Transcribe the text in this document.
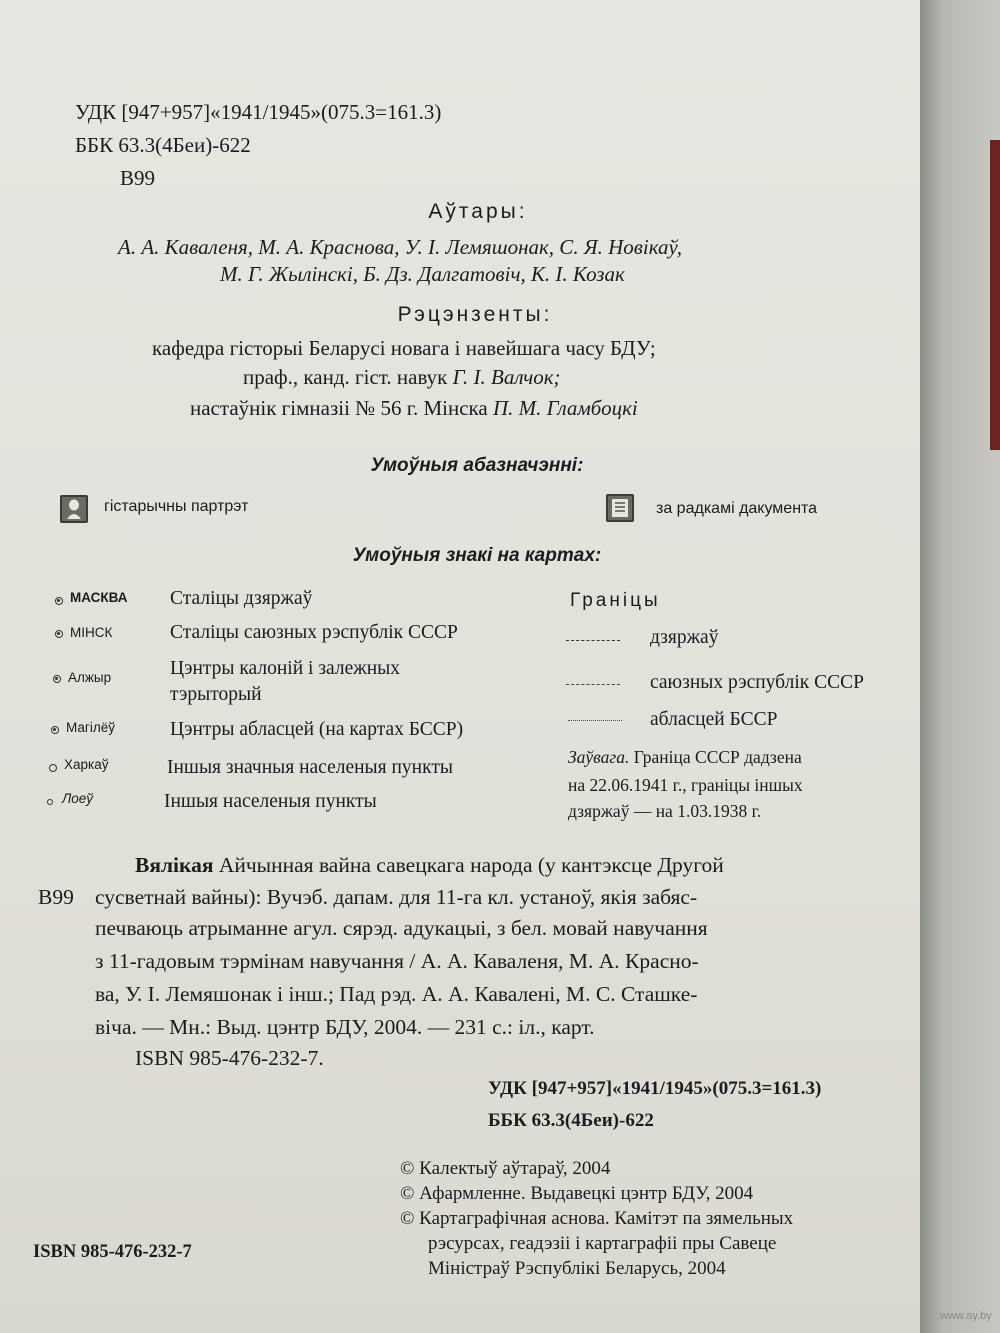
УДК [947+957]«1941/1945»(075.3=161.3)
ББК 63.3(4Беи)-622
В99
Аўтары:
А. А. Каваленя, М. А. Краснова, У. І. Лемяшонак, С. Я. Новікаў,
М. Г. Жылінскі, Б. Дз. Далгатовіч, К. І. Козак
Рэцэнзенты:
кафедра гісторыі Беларусі новага і навейшага часу БДУ;
праф., канд. гіст. навук Г. І. Валчок;
настаўнік гімназіі № 56 г. Мінска П. М. Гламбоцкі
Умоўныя абазначэнні:
гістарычны партрэт	за радкамі дакумента
Умоўныя знакі на картах:
МАСКВА Сталіцы дзяржаў
МІНСК	Сталіцы саюзных рэспублік СССР
Алжыр	Цэнтры калоній і залежных
тэрыторый
Магілёў	Цэнтры абласцей (на картах БССР)
Харкаў	Іншыя значныя населеныя пункты
Лоеў	Іншыя населеныя пункты
Граніцы
дзяржаў
саюзных рэспублік СССР
абласцей БССР
Заўвага. Граніца СССР дадзена
на 22.06.1941 г., граніцы іншых
дзяржаў — на 1.03.1938 г.
В99
Вялікая Айчынная вайна савецкага народа (у кантэксце Другой
сусветнай вайны): Вучэб. дапам. для 11-га кл. устаноў, якія забяс-
печваюць атрыманне агул. сярэд. адукацыі, з бел. мовай навучання
з 11-гадовым тэрмінам навучання / А. А. Каваленя, М. А. Красно-
ва, У. І. Лемяшонак і інш.; Пад рэд. А. А. Кавалені, М. С. Сташке-
віча. — Мн.: Выд. цэнтр БДУ, 2004. — 231 с.: іл., карт.
ISBN 985-476-232-7.
УДК [947+957]«1941/1945»(075.3=161.3)
ББК 63.3(4Беи)-622
© Калектыў аўтараў, 2004
© Афармленне. Выдавецкі цэнтр БДУ, 2004
© Картаграфічная аснова. Камітэт па зямельных
рэсурсах, геадэзіі і картаграфіі пры Савеце
Міністраў Рэспублікі Беларусь, 2004
ISBN 985-476-232-7
www.ay.by
